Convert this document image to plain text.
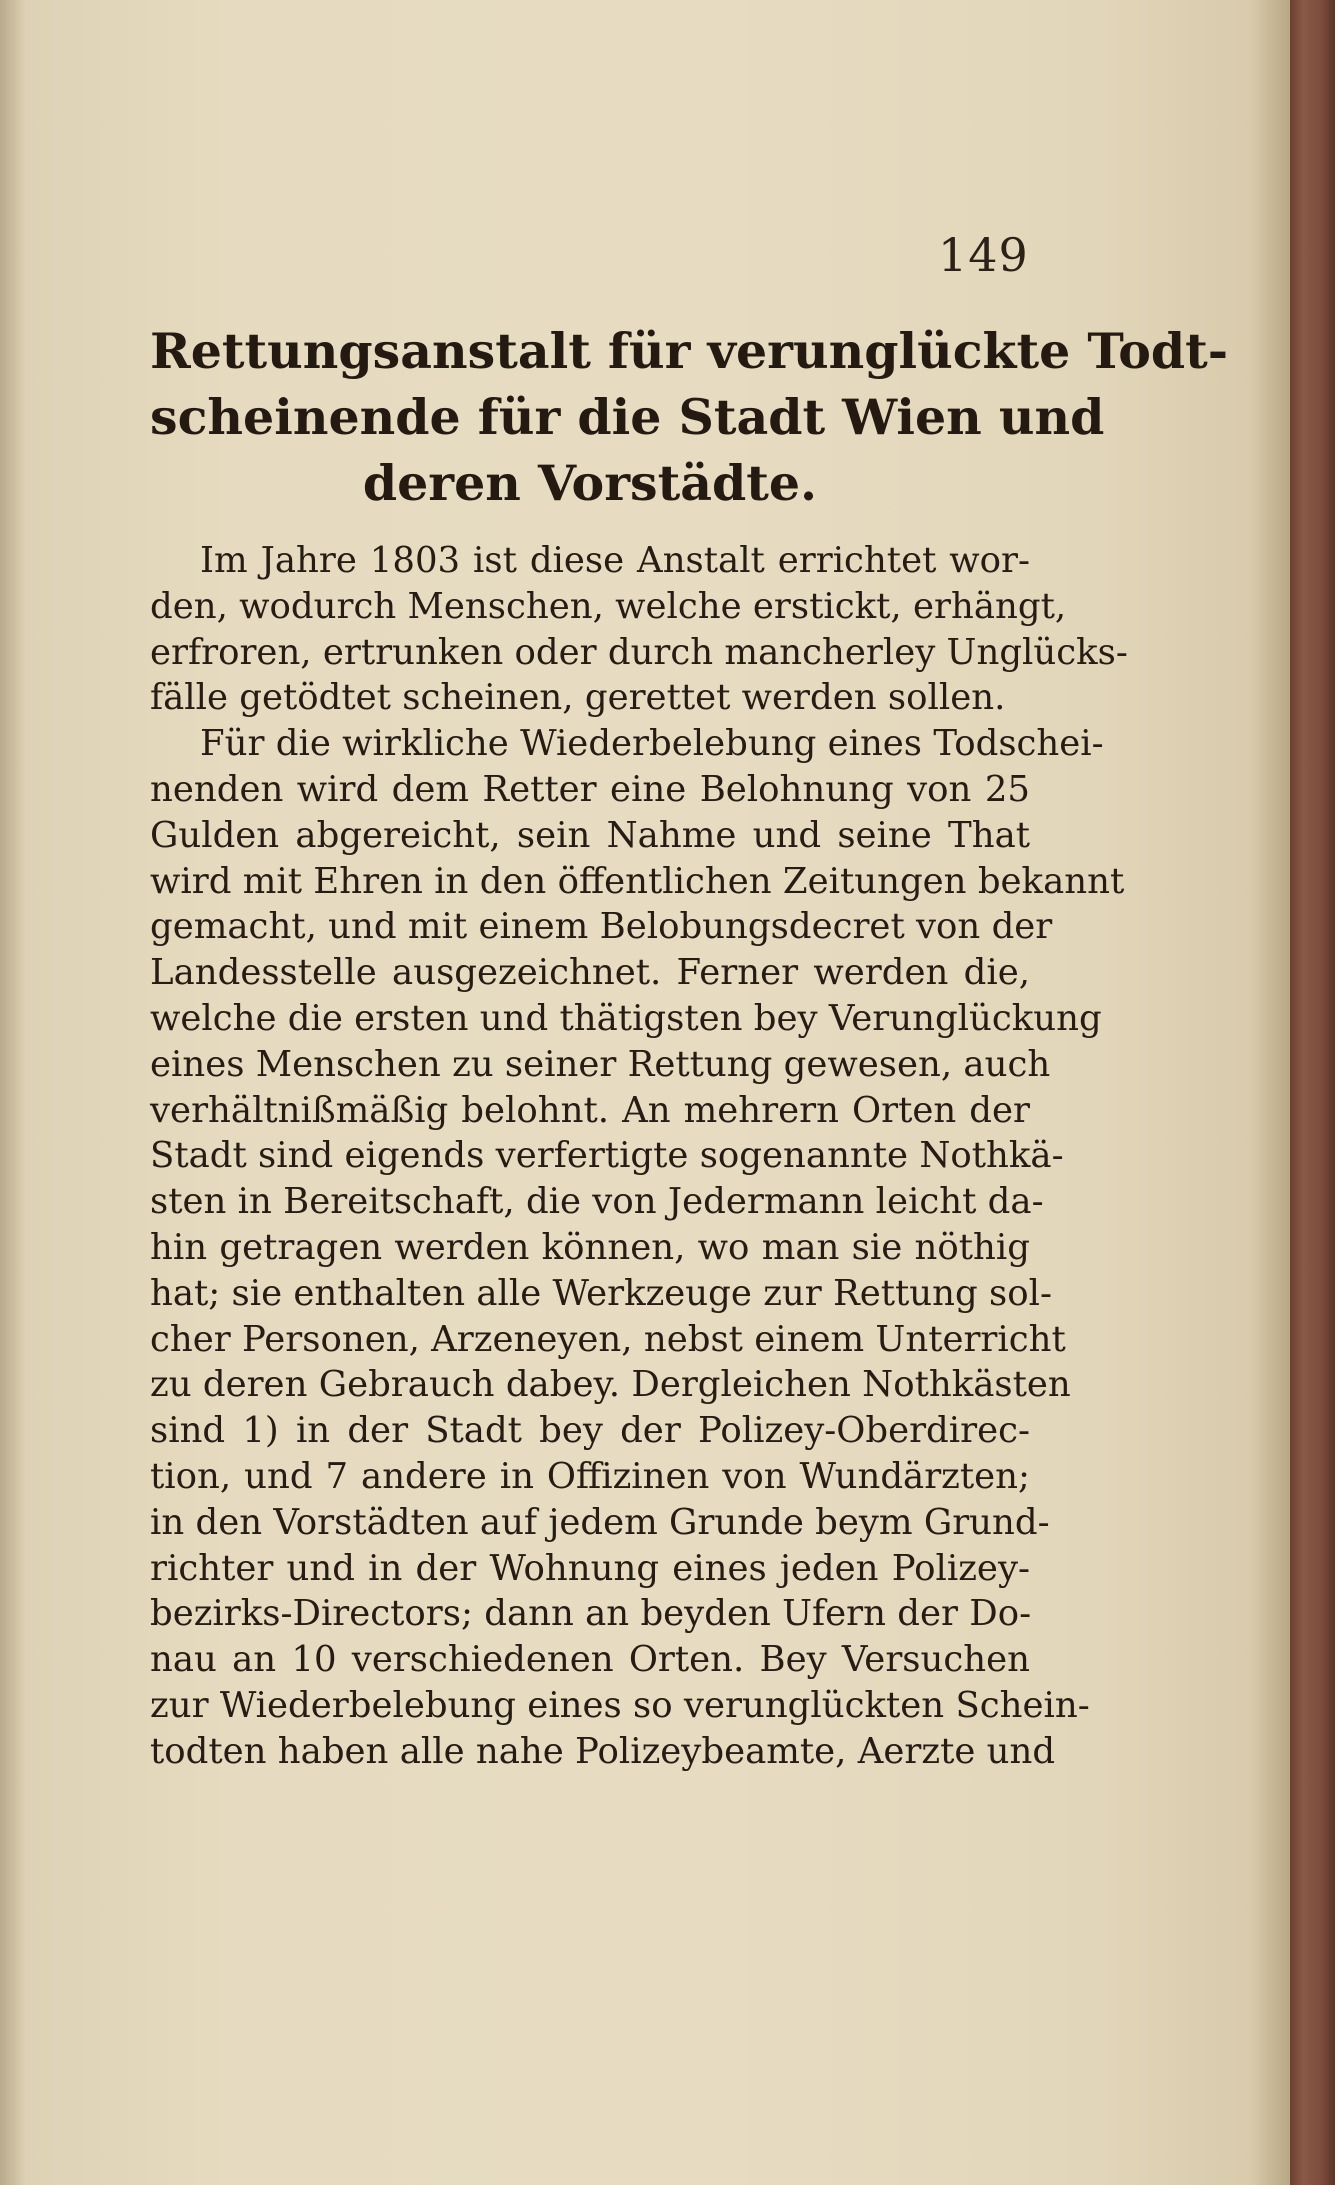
149
Rettungsanstalt für verunglückte Todt-
scheinende für die Stadt Wien und
deren Vorstädte.
Im Jahre 1803 ist diese Anstalt errichtet wor-
den, wodurch Menschen, welche erstickt, erhängt,
erfroren, ertrunken oder durch mancherley Unglücks-
fälle getödtet scheinen, gerettet werden sollen.
Für die wirkliche Wiederbelebung eines Todschei-
nenden wird dem Retter eine Belohnung von 25
Gulden abgereicht, sein Nahme und seine That
wird mit Ehren in den öffentlichen Zeitungen bekannt
gemacht, und mit einem Belobungsdecret von der
Landesstelle ausgezeichnet. Ferner werden die,
welche die ersten und thätigsten bey Verunglückung
eines Menschen zu seiner Rettung gewesen, auch
verhältnißmäßig belohnt. An mehrern Orten der
Stadt sind eigends verfertigte sogenannte Nothkä-
sten in Bereitschaft, die von Jedermann leicht da-
hin getragen werden können, wo man sie nöthig
hat; sie enthalten alle Werkzeuge zur Rettung sol-
cher Personen, Arzeneyen, nebst einem Unterricht
zu deren Gebrauch dabey. Dergleichen Nothkästen
sind 1) in der Stadt bey der Polizey-Oberdirec-
tion, und 7 andere in Offizinen von Wundärzten;
in den Vorstädten auf jedem Grunde beym Grund-
richter und in der Wohnung eines jeden Polizey-
bezirks-Directors; dann an beyden Ufern der Do-
nau an 10 verschiedenen Orten. Bey Versuchen
zur Wiederbelebung eines so verunglückten Schein-
todten haben alle nahe Polizeybeamte, Aerzte und
